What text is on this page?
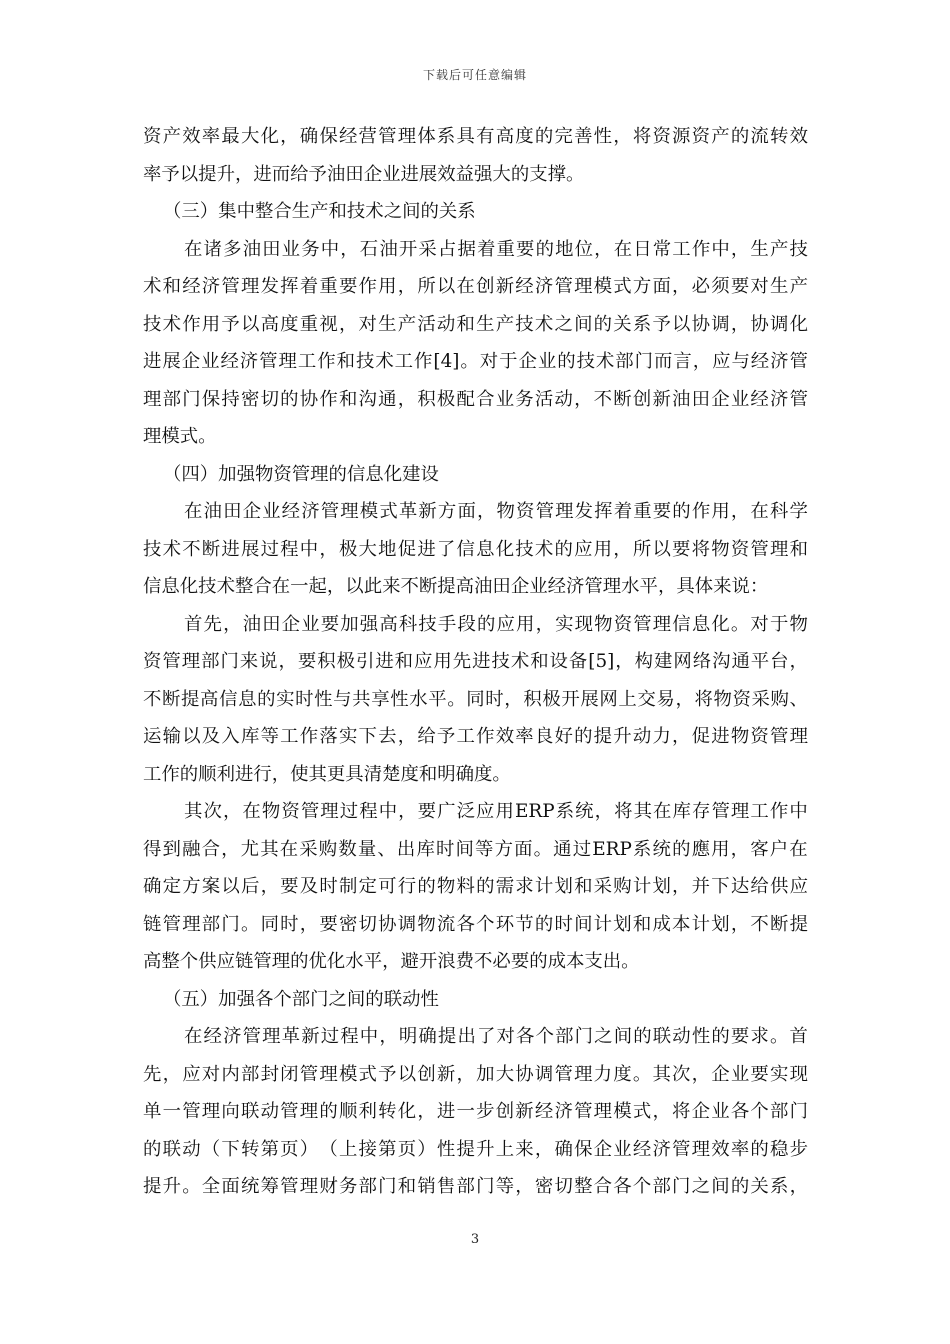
下载后可任意编辑
资 产 效 率 最 大 化 ， 确 保 经 营 管 理 体 系 具 有 高 度 的 完 善 性 ， 将 资 源 资 产 的 流 转 效
率予以提升，进而给予油田企业进展效益强大的支撑。
（三）集中整合生产和技术之间的关系
在 诸 多 油 田 业 务 中 ， 石 油 开 采 占 据 着 重 要 的 地 位 ， 在 日 常 工 作 中 ， 生 产 技
术 和 经 济 管 理 发 挥 着 重 要 作 用 ， 所 以 在 创 新 经 济 管 理 模 式 方 面 ， 必 须 要 对 生 产
技 术 作 用 予 以 高 度 重 视 ， 对 生 产 活 动 和 生 产 技 术 之 间 的 关 系 予 以 协 调 ， 协 调 化
进 展 企 业 经 济 管 理 工 作 和 技 术 工 作 [4] 。 对 于 企 业 的 技 术 部 门 而 言 ， 应 与 经 济 管
理 部 门 保 持 密 切 的 协 作 和 沟 通 ， 积 极 配 合 业 务 活 动 ， 不 断 创 新 油 田 企 业 经 济 管
理模式。
（四）加强物资管理的信息化建设
在 油 田 企 业 经 济 管 理 模 式 革 新 方 面 ， 物 资 管 理 发 挥 着 重 要 的 作 用 ， 在 科 学
技 术 不 断 进 展 过 程 中 ， 极 大 地 促 进 了 信 息 化 技 术 的 应 用 ， 所 以 要 将 物 资 管 理 和
信息化技术整合在一起，以此来不断提高油田企业经济管理水平，具体来说：
首 先 ， 油 田 企 业 要 加 强 高 科 技 手 段 的 应 用 ， 实 现 物 资 管 理 信 息 化 。 对 于 物
资 管 理 部 门 来 说 ， 要 积 极 引 进 和 应 用 先 进 技 术 和 设 备 [5] ， 构 建 网 络 沟 通 平 台 ，
不 断 提 高 信 息 的 实 时 性 与 共 享 性 水 平 。 同 时 ， 积 极 开 展 网 上 交 易 ， 将 物 资 采 购 、
运 输 以 及 入 库 等 工 作 落 实 下 去 ， 给 予 工 作 效 率 良 好 的 提 升 动 力 ， 促 进 物 资 管 理
工作的顺利进行，使其更具清楚度和明确度。
其 次 ， 在 物 资 管 理 过 程 中 ， 要 广 泛 应 用 ERP 系 统 ， 将 其 在 库 存 管 理 工 作 中
得 到 融 合 ， 尤 其 在 采 购 数 量 、 出 库 时 间 等 方 面 。 通 过 ERP 系 统 的 應 用 ， 客 户 在
确 定 方 案 以 后 ， 要 及 时 制 定 可 行 的 物 料 的 需 求 计 划 和 采 购 计 划 ， 并 下 达 给 供 应
链 管 理 部 门 。 同 时 ， 要 密 切 协 调 物 流 各 个 环 节 的 时 间 计 划 和 成 本 计 划 ， 不 断 提
高整个供应链管理的优化水平，避开浪费不必要的成本支出。
（五）加强各个部门之间的联动性
在 经 济 管 理 革 新 过 程 中 ， 明 确 提 出 了 对 各 个 部 门 之 间 的 联 动 性 的 要 求 。 首
先 ， 应 对 内 部 封 闭 管 理 模 式 予 以 创 新 ， 加 大 协 调 管 理 力 度 。 其 次 ， 企 业 要 实 现
单 一 管 理 向 联 动 管 理 的 顺 利 转 化 ， 进 一 步 创 新 经 济 管 理 模 式 ， 将 企 业 各 个 部 门
的 联 动 （ 下 转 第 页 ） （ 上 接 第 页 ） 性 提 升 上 来 ， 确 保 企 业 经 济 管 理 效 率 的 稳 步
提 升 。 全 面 统 筹 管 理 财 务 部 门 和 销 售 部 门 等 ， 密 切 整 合 各 个 部 门 之 间 的 关 系 ，
3
